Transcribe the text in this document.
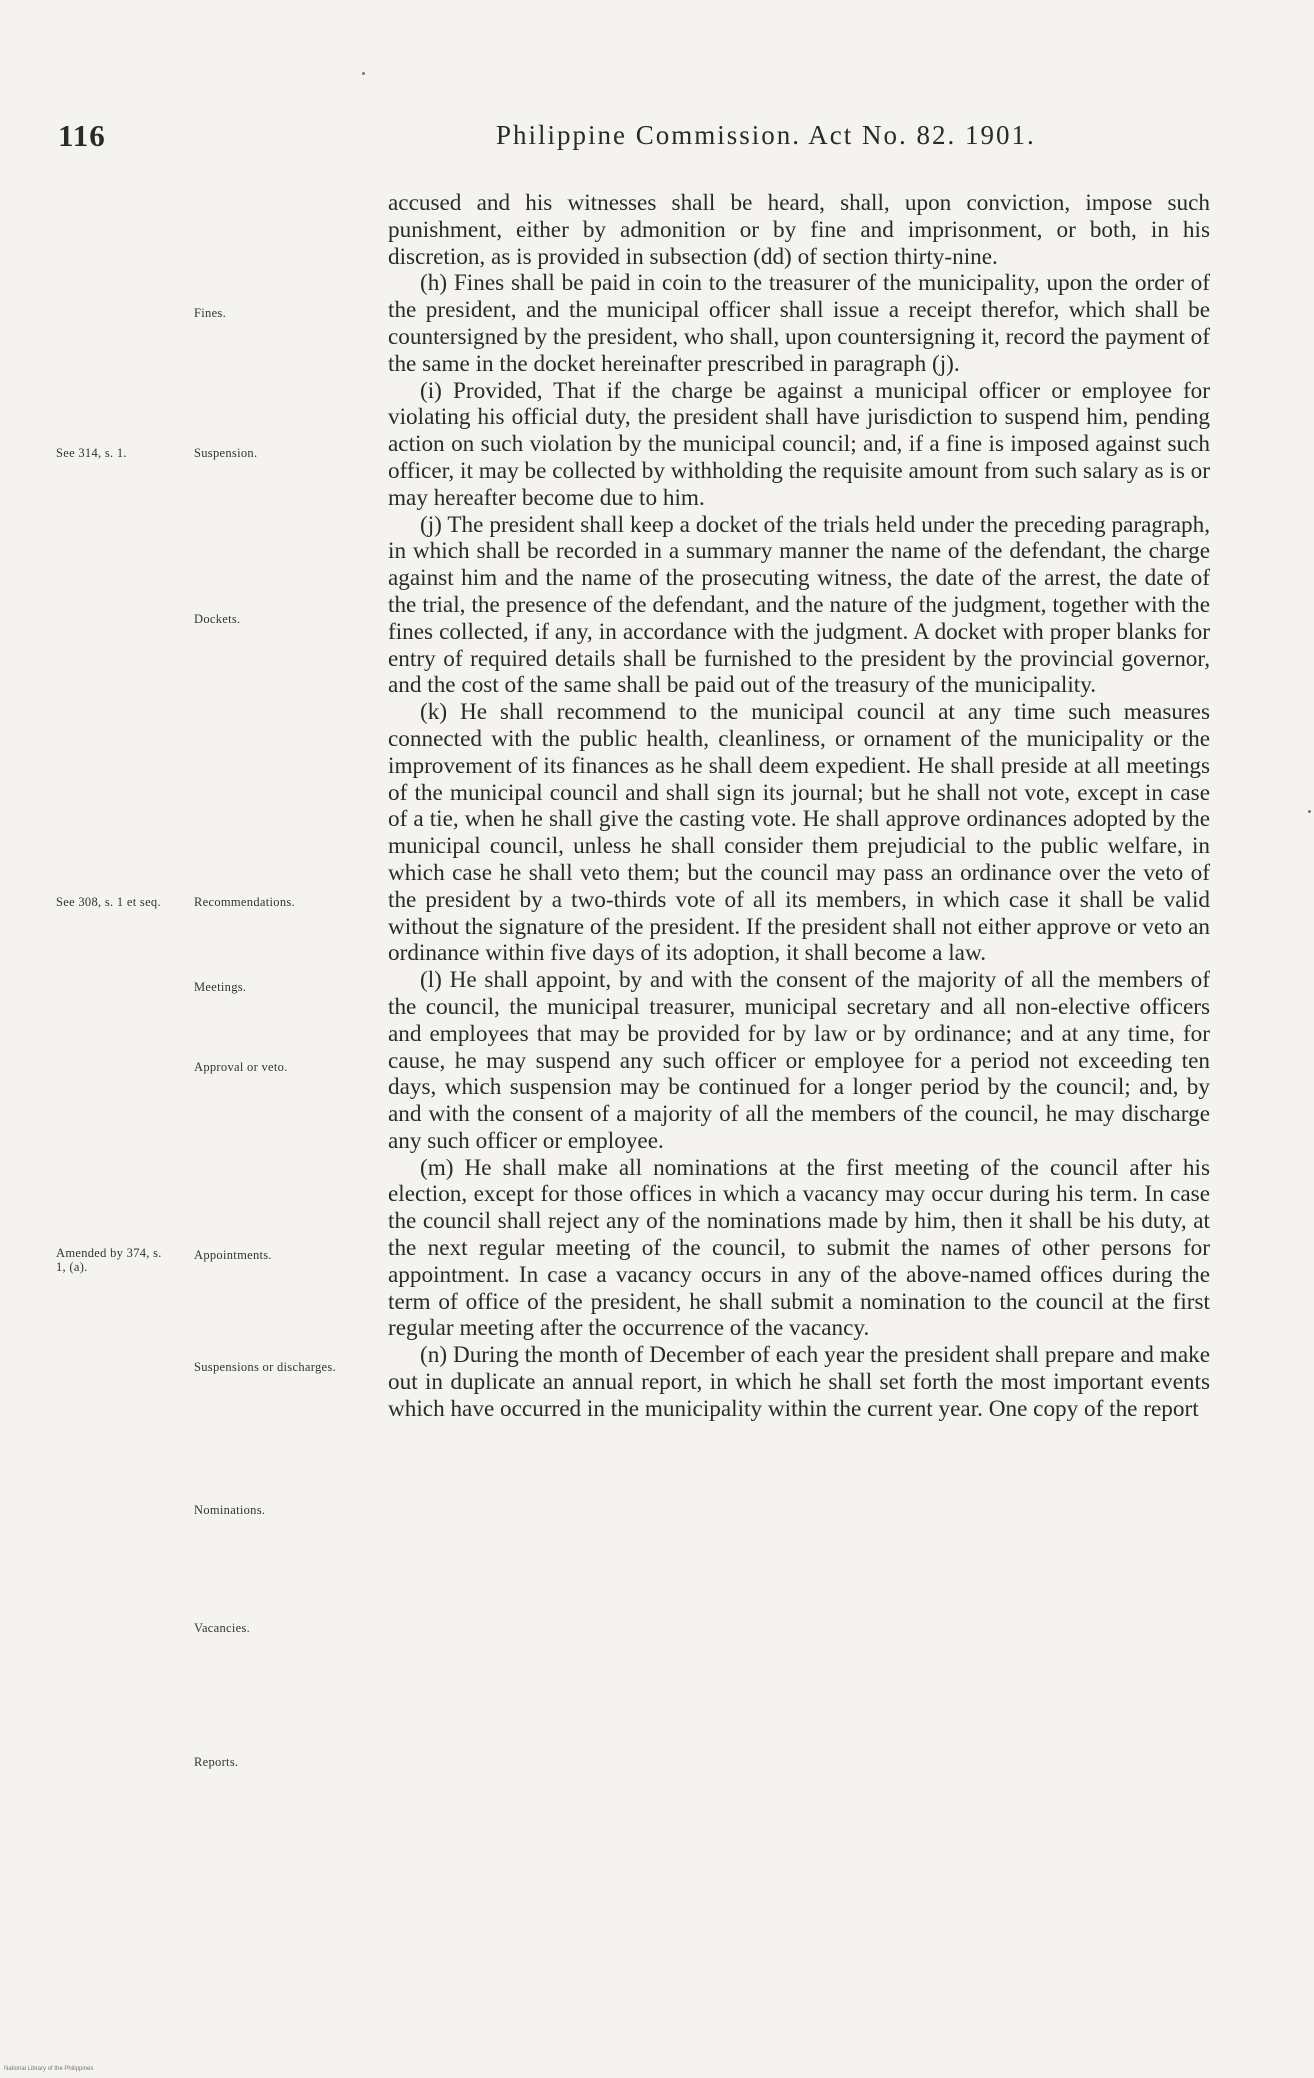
116	Philippine Commission. Act No. 82. 1901.

accused and his witnesses shall be heard, shall, upon conviction, impose such punishment, either by admonition or by fine and imprisonment, or both, in his discretion, as is provided in subsection (dd) of section thirty-nine.

(h) Fines shall be paid in coin to the treasurer of the municipality, upon the order of the president, and the municipal officer shall issue a receipt therefor, which shall be countersigned by the president, who shall, upon countersigning it, record the payment of the same in the docket hereinafter prescribed in paragraph (j).

(i) Provided, That if the charge be against a municipal officer or employee for violating his official duty, the president shall have jurisdiction to suspend him, pending action on such violation by the municipal council; and, if a fine is imposed against such officer, it may be collected by withholding the requisite amount from such salary as is or may hereafter become due to him.

(j) The president shall keep a docket of the trials held under the preceding paragraph, in which shall be recorded in a summary manner the name of the defendant, the charge against him and the name of the prosecuting witness, the date of the arrest, the date of the trial, the presence of the defendant, and the nature of the judgment, together with the fines collected, if any, in accordance with the judgment. A docket with proper blanks for entry of required details shall be furnished to the president by the provincial governor, and the cost of the same shall be paid out of the treasury of the municipality.

(k) He shall recommend to the municipal council at any time such measures connected with the public health, cleanliness, or ornament of the municipality or the improvement of its finances as he shall deem expedient. He shall preside at all meetings of the municipal council and shall sign its journal; but he shall not vote, except in case of a tie, when he shall give the casting vote. He shall approve ordinances adopted by the municipal council, unless he shall consider them prejudicial to the public welfare, in which case he shall veto them; but the council may pass an ordinance over the veto of the president by a two-thirds vote of all its members, in which case it shall be valid without the signature of the president. If the president shall not either approve or veto an ordinance within five days of its adoption, it shall become a law.

(l) He shall appoint, by and with the consent of the majority of all the members of the council, the municipal treasurer, municipal secretary and all non-elective officers and employees that may be provided for by law or by ordinance; and at any time, for cause, he may suspend any such officer or employee for a period not exceeding ten days, which suspension may be continued for a longer period by the council; and, by and with the consent of a majority of all the members of the council, he may discharge any such officer or employee.

(m) He shall make all nominations at the first meeting of the council after his election, except for those offices in which a vacancy may occur during his term. In case the council shall reject any of the nominations made by him, then it shall be his duty, at the next regular meeting of the council, to submit the names of other persons for appointment. In case a vacancy occurs in any of the above-named offices during the term of office of the president, he shall submit a nomination to the council at the first regular meeting after the occurrence of the vacancy.

(n) During the month of December of each year the president shall prepare and make out in duplicate an annual report, in which he shall set forth the most important events which have occurred in the municipality within the current year. One copy of the report

Fines.
See 314, s. 1.	Suspension.
Dockets.
See 308, s. 1 et seq.	Recommendations.
Meetings.
Approval or veto.
Amended by 374, s. 1, (a).
Appointments.
Suspensions or discharges.
Nominations.
Vacancies.
Reports.
National Library of the Philippines
